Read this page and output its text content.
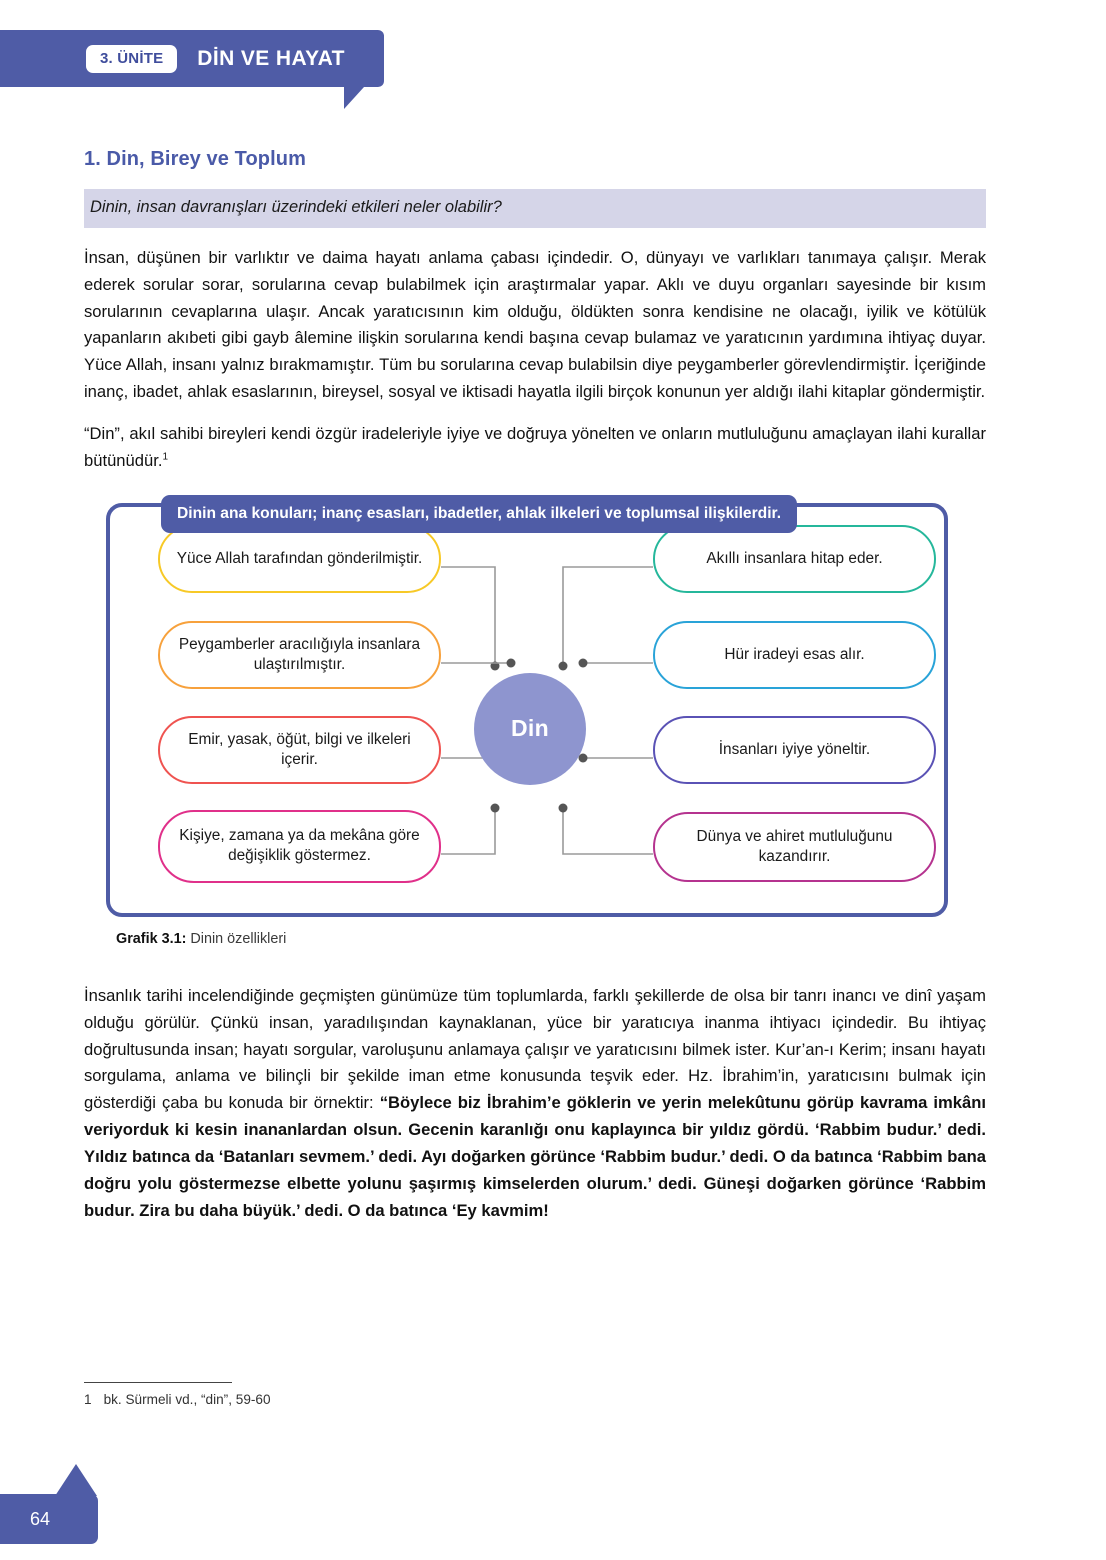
3. ÜNİTE	DİN VE HAYAT
1. Din, Birey ve Toplum
Dinin, insan davranışları üzerindeki etkileri neler olabilir?

İnsan, düşünen bir varlıktır ve daima hayatı anlama çabası içindedir. O, dünyayı ve varlıkları tanımaya çalışır. Merak ederek sorular sorar, sorularına cevap bulabilmek için araştırmalar yapar. Aklı ve duyu organları sayesinde bir kısım sorularının cevaplarına ulaşır. Ancak yaratıcısının kim olduğu, öldükten sonra kendisine ne olacağı, iyilik ve kötülük yapanların akıbeti gibi gayb âlemine ilişkin sorularına kendi başına cevap bulamaz ve yaratıcının yardımına ihtiyaç duyar. Yüce Allah, insanı yalnız bırakmamıştır. Tüm bu sorularına cevap bulabilsin diye peygamberler görevlendirmiştir. İçeriğinde inanç, ibadet, ahlak esaslarının, bireysel, sosyal ve iktisadi hayatla ilgili birçok konunun yer aldığı ilahi kitaplar göndermiştir.

“Din”, akıl sahibi bireyleri kendi özgür iradeleriyle iyiye ve doğruya yönelten ve onların mutluluğunu amaçlayan ilahi kurallar bütünüdür.$^1$

Dinin ana konuları; inanç esasları, ibadetler, ahlak ilkeleri ve toplumsal ilişkilerdir.
Yüce Allah tarafından gönderilmiştir.
Peygamberler aracılığıyla insanlara ulaştırılmıştır.
Emir, yasak, öğüt, bilgi ve ilkeleri içerir.
Kişiye, zamana ya da mekâna göre değişiklik göstermez.
Akıllı insanlara hitap eder.
Hür iradeyi esas alır.
İnsanları iyiye yöneltir.
Dünya ve ahiret mutluluğunu kazandırır.
Din
Grafik 3.1: Dinin özellikleri

İnsanlık tarihi incelendiğinde geçmişten günümüze tüm toplumlarda, farklı şekillerde de olsa bir tanrı inancı ve dinî yaşam olduğu görülür. Çünkü insan, yaradılışından kaynaklanan, yüce bir yaratıcıya inanma ihtiyacı içindedir. Bu ihtiyaç doğrultusunda insan; hayatı sorgular, varoluşunu anlamaya çalışır ve yaratıcısını bilmek ister. Kur’an-ı Kerim; insanı hayatı sorgulama, anlama ve bilinçli bir şekilde iman etme konusunda teşvik eder. Hz. İbrahim’in, yaratıcısını bulmak için gösterdiği çaba bu konuda bir örnektir: “Böylece biz İbrahim’e göklerin ve yerin melekûtunu görüp kavrama imkânı veriyorduk ki kesin inananlardan olsun. Gecenin karanlığı onu kaplayınca bir yıldız gördü. ‘Rabbim budur.’ dedi. Yıldız batınca da ‘Batanları sevmem.’ dedi. Ayı doğarken görünce ‘Rabbim budur.’ dedi. O da batınca ‘Rabbim bana doğru yolu göstermezse elbette yolunu şaşırmış kimselerden olurum.’ dedi. Güneşi doğarken görünce ‘Rabbim budur. Zira bu daha büyük.’ dedi. O da batınca ‘Ey kavmim!

1 bk. Sürmeli vd., “din”, 59-60
64
